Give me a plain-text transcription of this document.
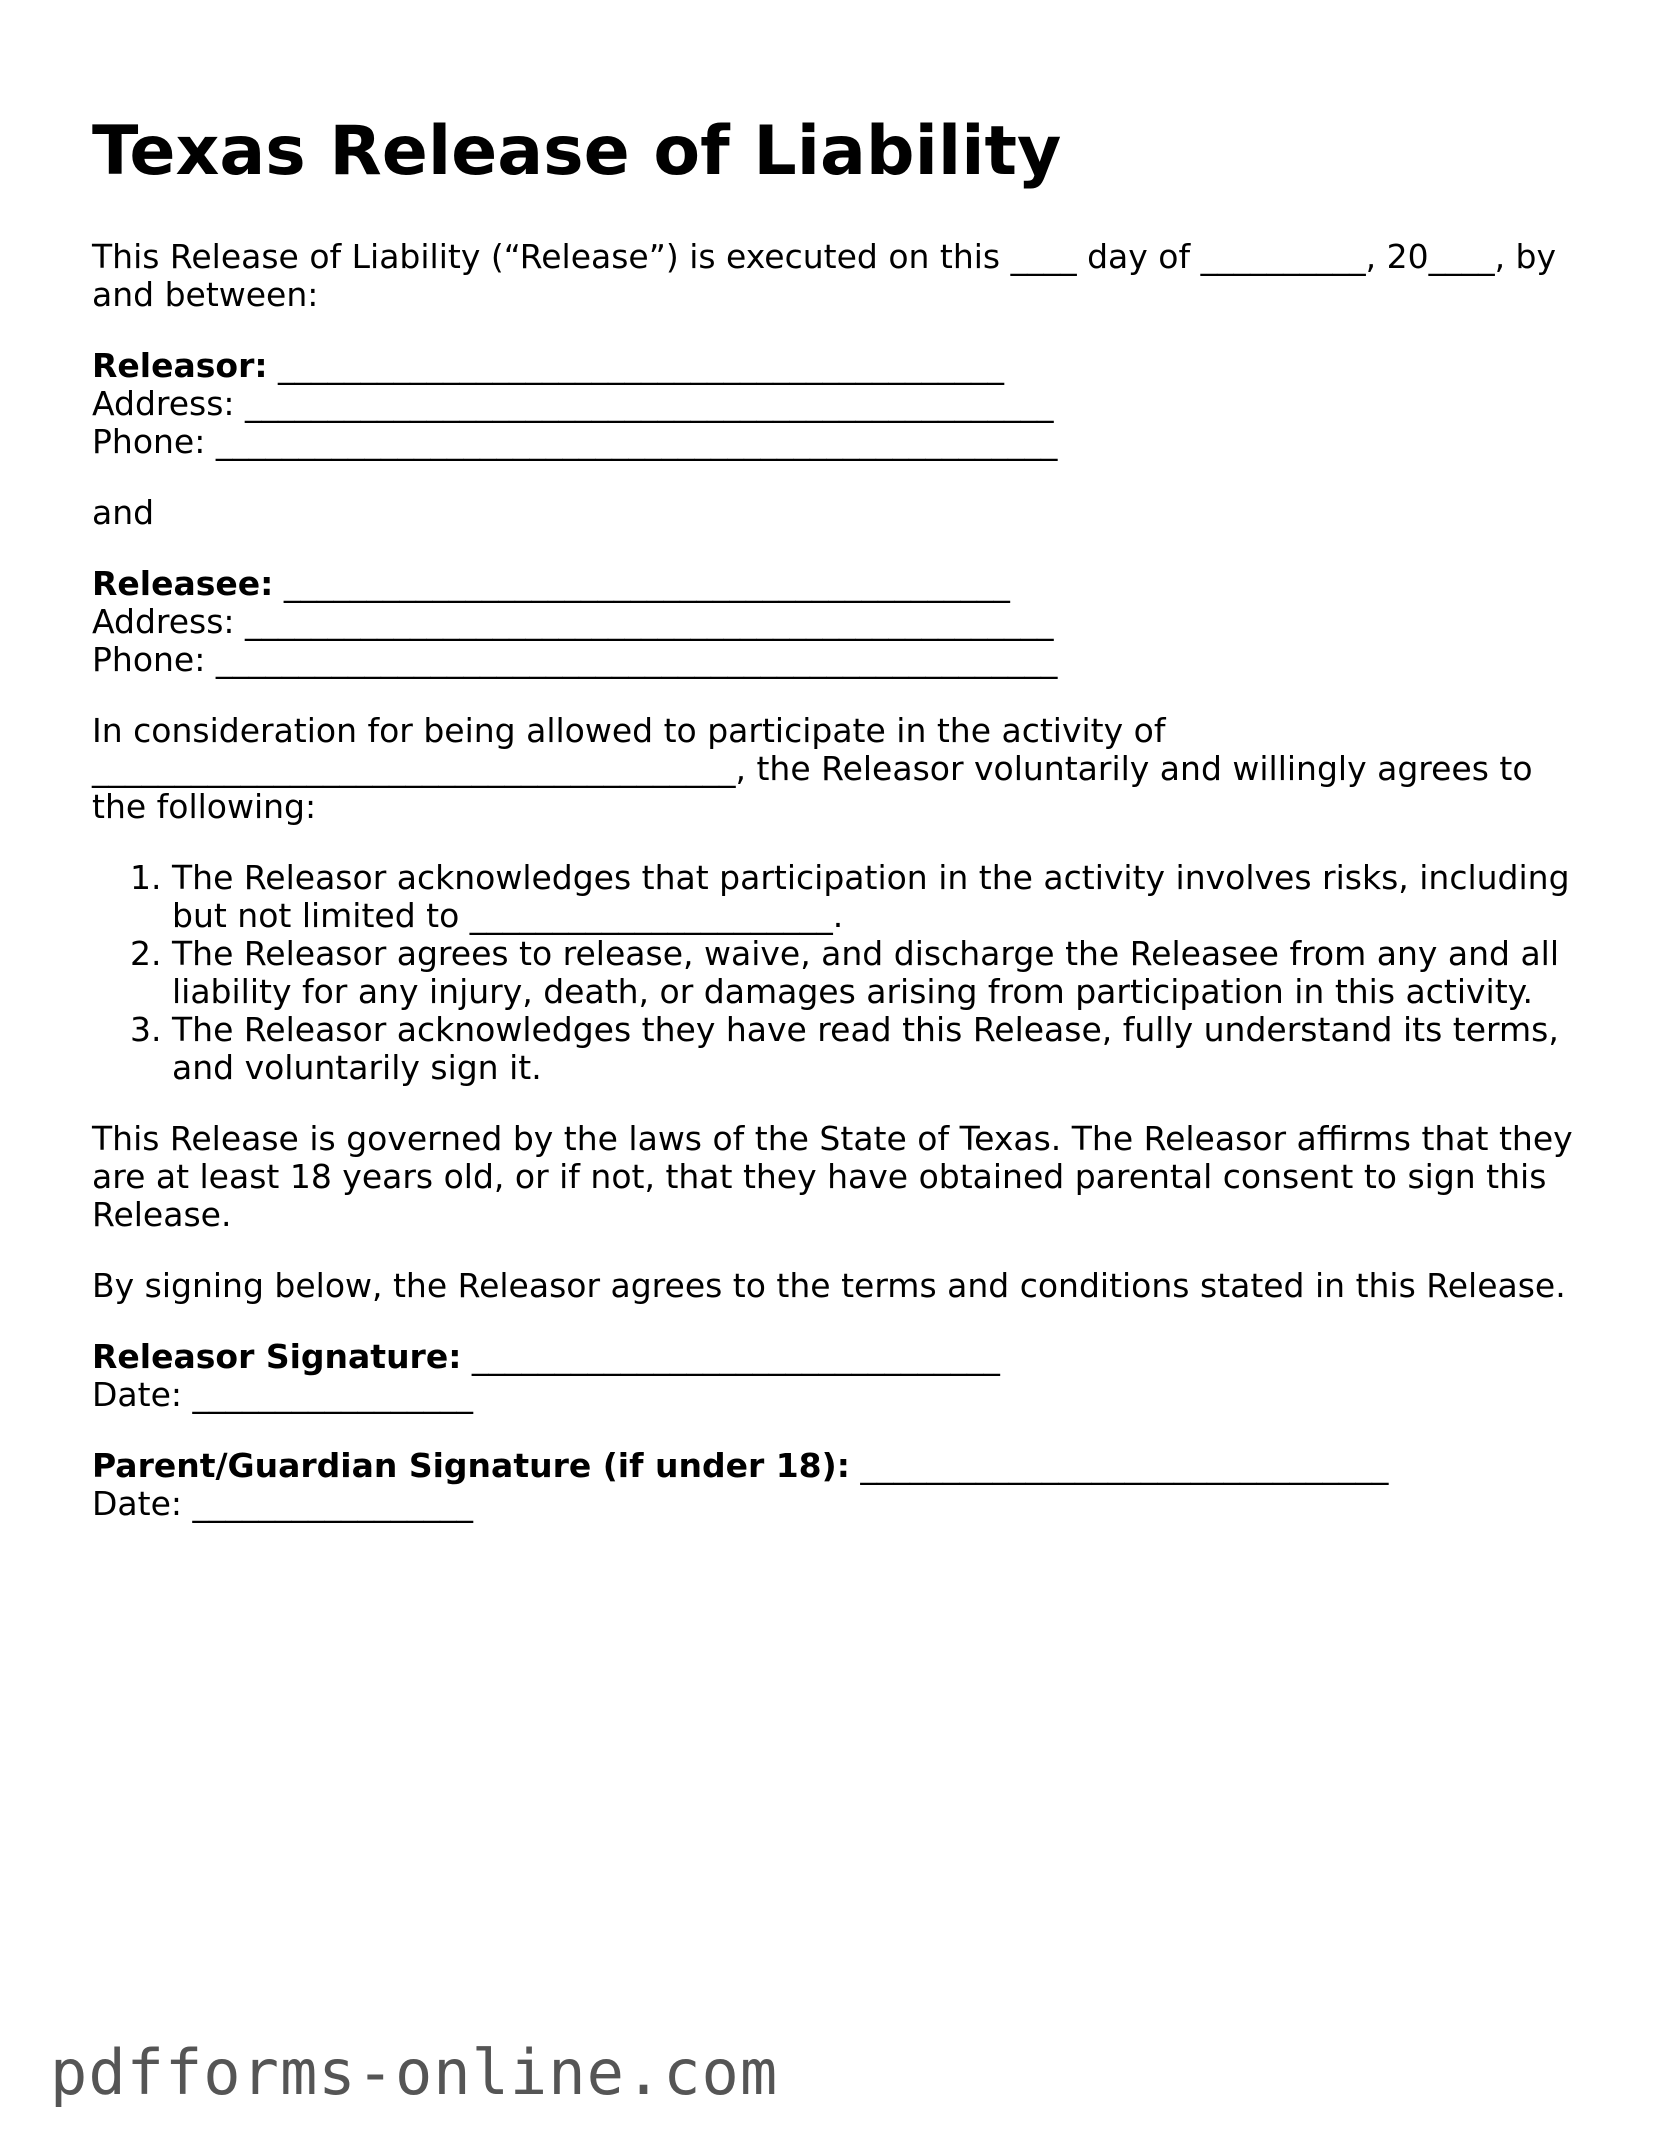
Texas Release of Liability

This Release of Liability (“Release”) is executed on this ____ day of __________, 20____, by and between:

Releasor: ____________________________________________
Address: _________________________________________________
Phone: ___________________________________________________

and

Releasee: ____________________________________________
Address: _________________________________________________
Phone: ___________________________________________________

In consideration for being allowed to participate in the activity of _______________________________________, the Releasor voluntarily and willingly agrees to the following:

1. The Releasor acknowledges that participation in the activity involves risks, including but not limited to ______________________.
2. The Releasor agrees to release, waive, and discharge the Releasee from any and all liability for any injury, death, or damages arising from participation in this activity.
3. The Releasor acknowledges they have read this Release, fully understand its terms, and voluntarily sign it.

This Release is governed by the laws of the State of Texas. The Releasor affirms that they are at least 18 years old, or if not, that they have obtained parental consent to sign this Release.

By signing below, the Releasor agrees to the terms and conditions stated in this Release.

Releasor Signature: ________________________________
Date: _________________
Parent/Guardian Signature (if under 18): ________________________________
Date: _________________
pdfforms-online.com
